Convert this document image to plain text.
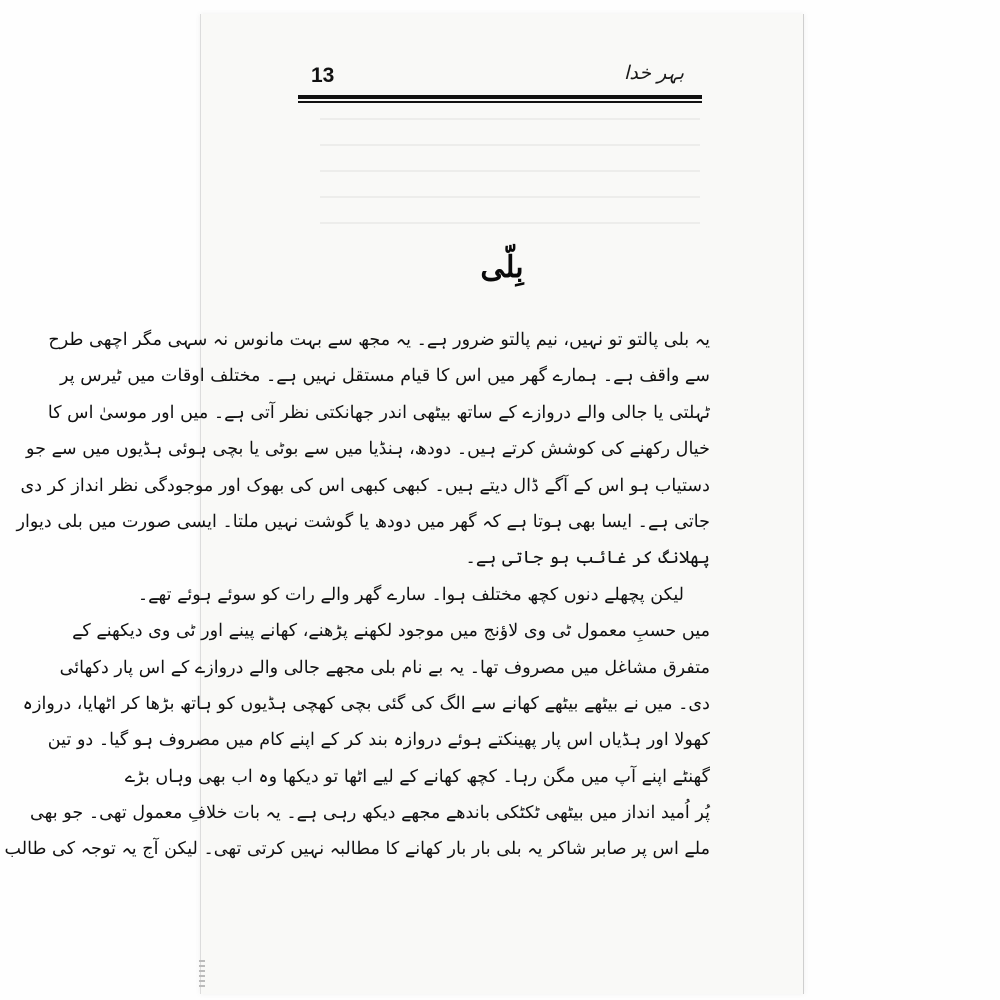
13	بہر خدا
بِلّی
یہ بلی پالتو تو نہیں، نیم پالتو ضرور ہے۔ یہ مجھ سے بہت مانوس نہ سہی مگر اچھی طرح
سے واقف ہے۔ ہمارے گھر میں اس کا قیام مستقل نہیں ہے۔ مختلف اوقات میں ٹیرس پر
ٹہلتی یا جالی والے دروازے کے ساتھ بیٹھی اندر جھانکتی نظر آتی ہے۔ میں اور موسیٰ اس کا
خیال رکھنے کی کوشش کرتے ہیں۔ دودھ، ہنڈیا میں سے بوٹی یا بچی ہوئی ہڈیوں میں سے جو
دستیاب ہو اس کے آگے ڈال دیتے ہیں۔ کبھی کبھی اس کی بھوک اور موجودگی نظر انداز کر دی
جاتی ہے۔ ایسا بھی ہوتا ہے کہ گھر میں دودھ یا گوشت نہیں ملتا۔ ایسی صورت میں بلی دیوار
پھلانگ کر غائب ہو جاتی ہے۔
لیکن پچھلے دنوں کچھ مختلف ہوا۔ سارے گھر والے رات کو سوئے ہوئے تھے۔
میں حسبِ معمول ٹی وی لاؤنج میں موجود لکھنے پڑھنے، کھانے پینے اور ٹی وی دیکھنے کے
متفرق مشاغل میں مصروف تھا۔ یہ بے نام بلی مجھے جالی والے دروازے کے اس پار دکھائی
دی۔ میں نے بیٹھے بیٹھے کھانے سے الگ کی گئی بچی کھچی ہڈیوں کو ہاتھ بڑھا کر اٹھایا، دروازہ
کھولا اور ہڈیاں اس پار پھینکتے ہوئے دروازہ بند کر کے اپنے کام میں مصروف ہو گیا۔ دو تین
گھنٹے اپنے آپ میں مگن رہا۔ کچھ کھانے کے لیے اٹھا تو دیکھا وہ اب بھی وہاں بڑے
پُر اُمید انداز میں بیٹھی ٹکٹکی باندھے مجھے دیکھ رہی ہے۔ یہ بات خلافِ معمول تھی۔ جو بھی
ملے اس پر صابر شاکر یہ بلی بار بار کھانے کا مطالبہ نہیں کرتی تھی۔ لیکن آج یہ توجہ کی طالب
